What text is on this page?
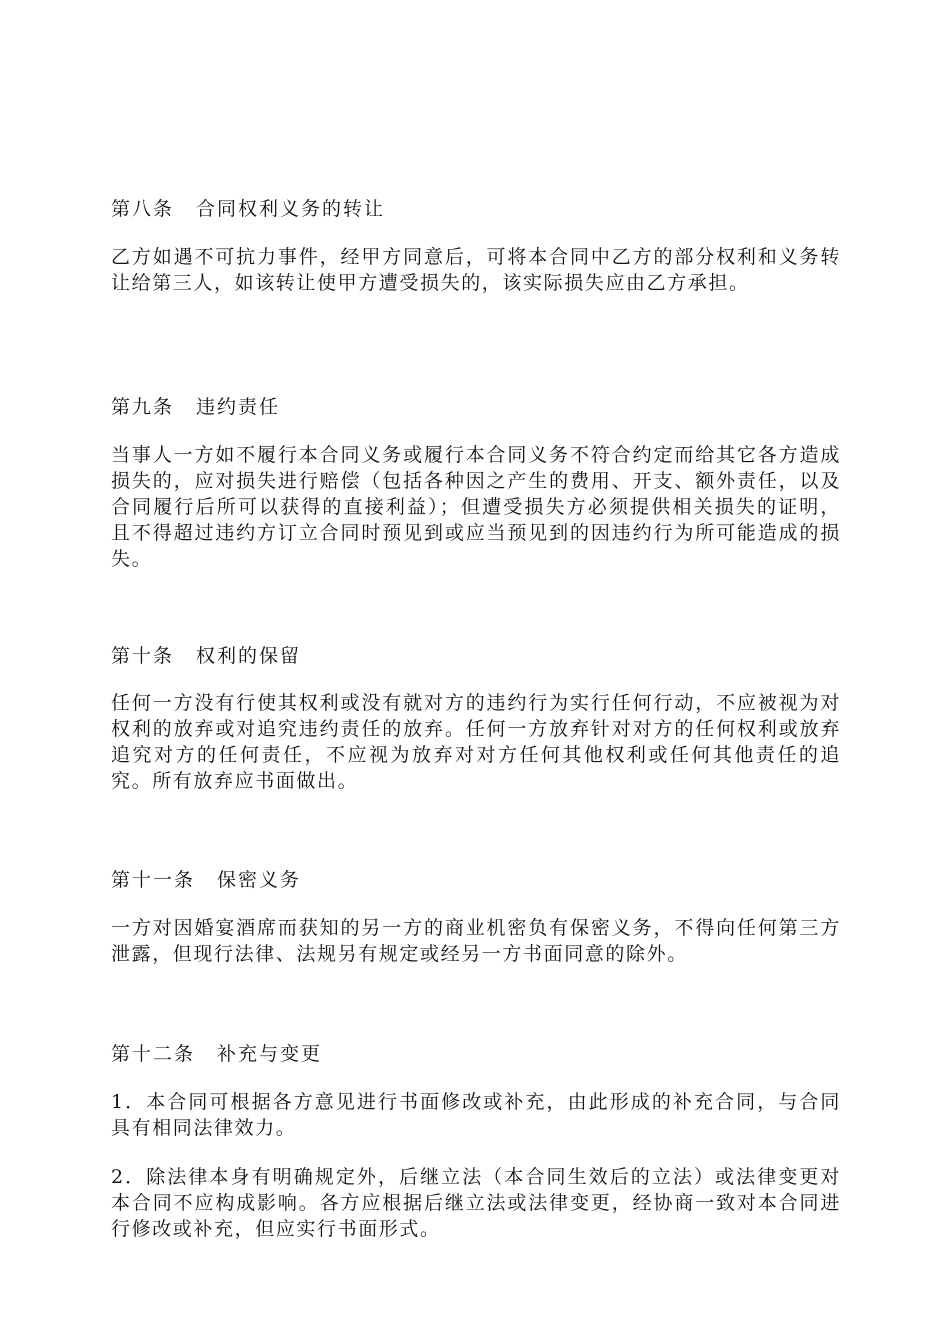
第八条 合同权利义务的转让

乙方如遇不可抗力事件，经甲方同意后，可将本合同中乙方的部分权利和义务转让给第三人，如该转让使甲方遭受损失的，该实际损失应由乙方承担。

第九条 违约责任

当事人一方如不履行本合同义务或履行本合同义务不符合约定而给其它各方造成损失的，应对损失进行赔偿（包括各种因之产生的费用、开支、额外责任，以及合同履行后所可以获得的直接利益）；但遭受损失方必须提供相关损失的证明，且不得超过违约方订立合同时预见到或应当预见到的因违约行为所可能造成的损失。

第十条 权利的保留

任何一方没有行使其权利或没有就对方的违约行为实行任何行动，不应被视为对权利的放弃或对追究违约责任的放弃。任何一方放弃针对对方的任何权利或放弃追究对方的任何责任，不应视为放弃对对方任何其他权利或任何其他责任的追究。所有放弃应书面做出。

第十一条 保密义务

一方对因婚宴酒席而获知的另一方的商业机密负有保密义务，不得向任何第三方泄露，但现行法律、法规另有规定或经另一方书面同意的除外。

第十二条 补充与变更

1．本合同可根据各方意见进行书面修改或补充，由此形成的补充合同，与合同具有相同法律效力。

2．除法律本身有明确规定外，后继立法（本合同生效后的立法）或法律变更对本合同不应构成影响。各方应根据后继立法或法律变更，经协商一致对本合同进行修改或补充，但应实行书面形式。
